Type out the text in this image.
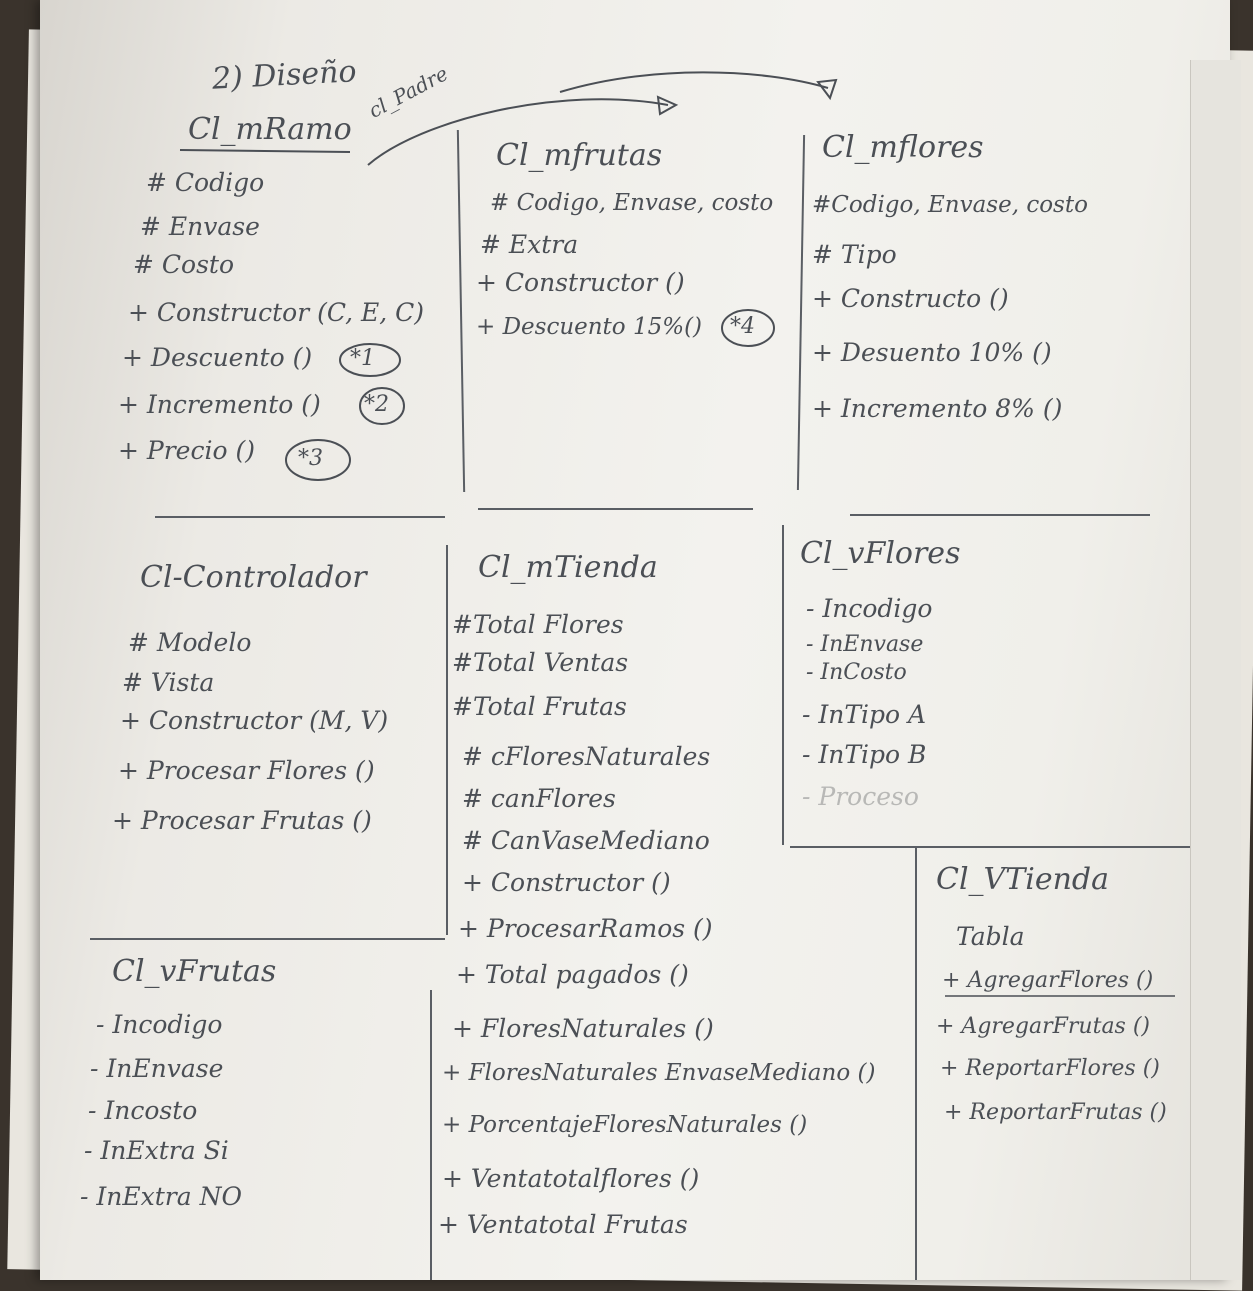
2) Diseño cl_Padre
Cl_mRamo
# Codigo
# Envase
# Costo
+ Constructor (C, E, C)
+ Descuento ()
+ Incremento ()
+ Precio ()
*1
*2
*3
Cl_mfrutas
# Codigo, Envase, costo
# Extra
+ Constructor ()
+ Descuento 15%() *4
Cl_mflores
#Codigo, Envase, costo
# Tipo
+ Constructo ()
+ Desuento 10% ()
+ Incremento 8% ()
Cl-Controlador
# Modelo
# Vista
+ Constructor (M, V)
+ Procesar Flores ()
+ Procesar Frutas ()
Cl_mTienda
#Total Flores
#Total Ventas
#Total Frutas
# cFloresNaturales
# canFlores
# CanVaseMediano
+ Constructor ()
+ ProcesarRamos ()
+ Total pagados ()
+ FloresNaturales ()
+ FloresNaturales EnvaseMediano ()
+ PorcentajeFloresNaturales ()
+ Ventatotalflores ()
+ Ventatotal Frutas
Cl_vFlores
- Incodigo
- InEnvase
- InCosto
- InTipo A
- InTipo B
- Proceso
Cl_VTienda
Tabla
+ AgregarFlores ()
+ AgregarFrutas ()
+ ReportarFlores ()
+ ReportarFrutas ()
Cl_vFrutas
- Incodigo
- InEnvase
- Incosto
- InExtra Si
- InExtra NO
